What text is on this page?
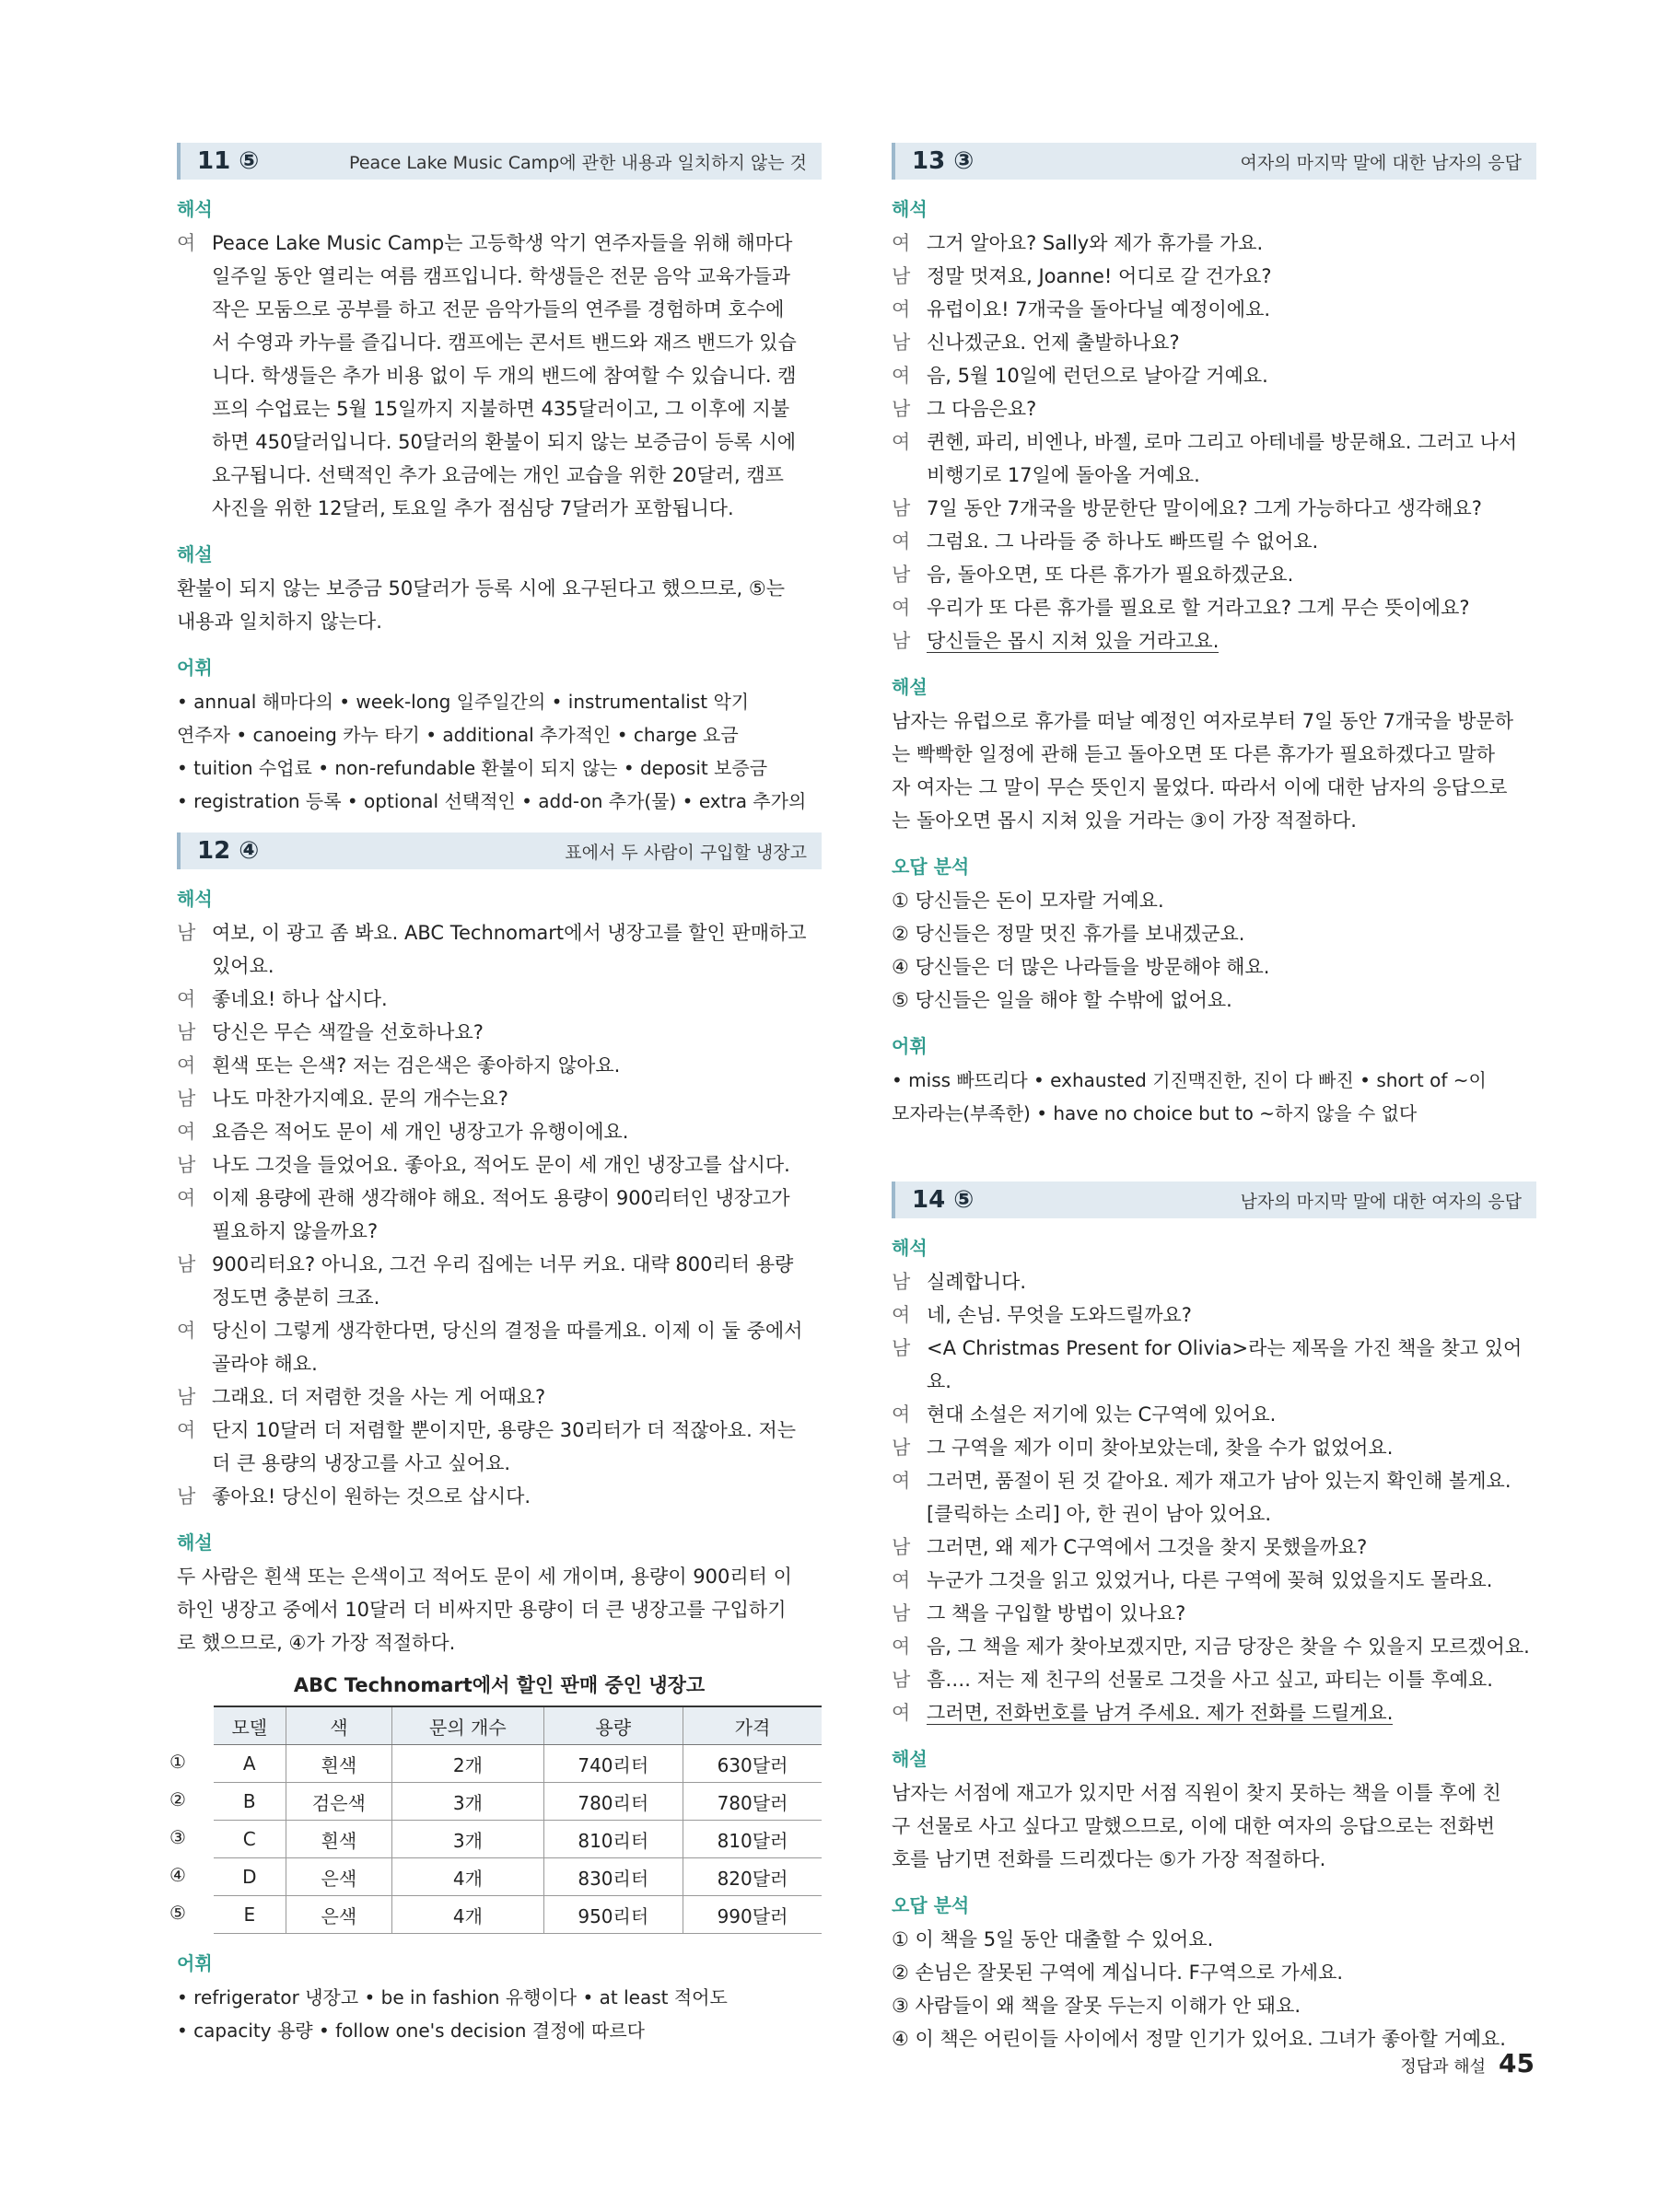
11 ⑤	Peace Lake Music Camp에 관한 내용과 일치하지 않는 것
해석
여 Peace Lake Music Camp는 고등학생 악기 연주자들을 위해 해마다
일주일 동안 열리는 여름 캠프입니다. 학생들은 전문 음악 교육가들과
작은 모둠으로 공부를 하고 전문 음악가들의 연주를 경험하며 호수에
서 수영과 카누를 즐깁니다. 캠프에는 콘서트 밴드와 재즈 밴드가 있습
니다. 학생들은 추가 비용 없이 두 개의 밴드에 참여할 수 있습니다. 캠
프의 수업료는 5월 15일까지 지불하면 435달러이고, 그 이후에 지불
하면 450달러입니다. 50달러의 환불이 되지 않는 보증금이 등록 시에
요구됩니다. 선택적인 추가 요금에는 개인 교습을 위한 20달러, 캠프
사진을 위한 12달러, 토요일 추가 점심당 7달러가 포함됩니다.
해설
환불이 되지 않는 보증금 50달러가 등록 시에 요구된다고 했으므로, ⑤는
내용과 일치하지 않는다.
어휘
• annual 해마다의 • week-long 일주일간의 • instrumentalist 악기
연주자 • canoeing 카누 타기 • additional 추가적인 • charge 요금
• tuition 수업료 • non-refundable 환불이 되지 않는 • deposit 보증금
• registration 등록 • optional 선택적인 • add-on 추가(물) • extra 추가의
12 ④	표에서 두 사람이 구입할 냉장고
해석
남 여보, 이 광고 좀 봐요. ABC Technomart에서 냉장고를 할인 판매하고
있어요.
여 좋네요! 하나 삽시다.
남 당신은 무슨 색깔을 선호하나요?
여 흰색 또는 은색? 저는 검은색은 좋아하지 않아요.
남 나도 마찬가지예요. 문의 개수는요?
여 요즘은 적어도 문이 세 개인 냉장고가 유행이에요.
남 나도 그것을 들었어요. 좋아요, 적어도 문이 세 개인 냉장고를 삽시다.
여 이제 용량에 관해 생각해야 해요. 적어도 용량이 900리터인 냉장고가
필요하지 않을까요?
남 900리터요? 아니요, 그건 우리 집에는 너무 커요. 대략 800리터 용량
정도면 충분히 크죠.
여 당신이 그렇게 생각한다면, 당신의 결정을 따를게요. 이제 이 둘 중에서
골라야 해요.
남 그래요. 더 저렴한 것을 사는 게 어때요?
여 단지 10달러 더 저렴할 뿐이지만, 용량은 30리터가 더 적잖아요. 저는
더 큰 용량의 냉장고를 사고 싶어요.
남 좋아요! 당신이 원하는 것으로 삽시다.
해설
두 사람은 흰색 또는 은색이고 적어도 문이 세 개이며, 용량이 900리터 이
하인 냉장고 중에서 10달러 더 비싸지만 용량이 더 큰 냉장고를 구입하기
로 했으므로, ④가 가장 적절하다.
ABC Technomart에서 할인 판매 중인 냉장고
모델	색	문의 개수	용량	가격

① A	흰색	2개	740리터	630달러

② B	검은색	3개	780리터	780달러

③ C	흰색	3개	810리터	810달러

④ D	은색	4개	830리터	820달러

⑤ E	은색	4개	950리터	990달러
어휘
• refrigerator 냉장고 • be in fashion 유행이다 • at least 적어도
• capacity 용량 • follow one's decision 결정에 따르다
13 ③	여자의 마지막 말에 대한 남자의 응답
해석
여 그거 알아요? Sally와 제가 휴가를 가요.
남 정말 멋져요, Joanne! 어디로 갈 건가요?
여 유럽이요! 7개국을 돌아다닐 예정이에요.
남 신나겠군요. 언제 출발하나요?
여 음, 5월 10일에 런던으로 날아갈 거예요.
남 그 다음은요?
여 퀸헨, 파리, 비엔나, 바젤, 로마 그리고 아테네를 방문해요. 그러고 나서
비행기로 17일에 돌아올 거예요.
남 7일 동안 7개국을 방문한단 말이에요? 그게 가능하다고 생각해요?
여 그럼요. 그 나라들 중 하나도 빠뜨릴 수 없어요.
남 음, 돌아오면, 또 다른 휴가가 필요하겠군요.
여 우리가 또 다른 휴가를 필요로 할 거라고요? 그게 무슨 뜻이에요?
남 당신들은 몹시 지쳐 있을 거라고요.
해설
남자는 유럽으로 휴가를 떠날 예정인 여자로부터 7일 동안 7개국을 방문하
는 빡빡한 일정에 관해 듣고 돌아오면 또 다른 휴가가 필요하겠다고 말하
자 여자는 그 말이 무슨 뜻인지 물었다. 따라서 이에 대한 남자의 응답으로
는 돌아오면 몹시 지쳐 있을 거라는 ③이 가장 적절하다.
오답 분석
① 당신들은 돈이 모자랄 거예요.
② 당신들은 정말 멋진 휴가를 보내겠군요.
④ 당신들은 더 많은 나라들을 방문해야 해요.
⑤ 당신들은 일을 해야 할 수밖에 없어요.
어휘
• miss 빠뜨리다 • exhausted 기진맥진한, 진이 다 빠진 • short of ~이
모자라는(부족한) • have no choice but to ~하지 않을 수 없다
14 ⑤	남자의 마지막 말에 대한 여자의 응답
해석
남 실례합니다.
여 네, 손님. 무엇을 도와드릴까요?
남 <A Christmas Present for Olivia>라는 제목을 가진 책을 찾고 있어요.
여 현대 소설은 저기에 있는 C구역에 있어요.
남 그 구역을 제가 이미 찾아보았는데, 찾을 수가 없었어요.
여 그러면, 품절이 된 것 같아요. 제가 재고가 남아 있는지 확인해 볼게요.
[클릭하는 소리] 아, 한 권이 남아 있어요.
남 그러면, 왜 제가 C구역에서 그것을 찾지 못했을까요?
여 누군가 그것을 읽고 있었거나, 다른 구역에 꽂혀 있었을지도 몰라요.
남 그 책을 구입할 방법이 있나요?
여 음, 그 책을 제가 찾아보겠지만, 지금 당장은 찾을 수 있을지 모르겠어요.
남 흠…. 저는 제 친구의 선물로 그것을 사고 싶고, 파티는 이틀 후예요.
여 그러면, 전화번호를 남겨 주세요. 제가 전화를 드릴게요.
해설
남자는 서점에 재고가 있지만 서점 직원이 찾지 못하는 책을 이틀 후에 친
구 선물로 사고 싶다고 말했으므로, 이에 대한 여자의 응답으로는 전화번
호를 남기면 전화를 드리겠다는 ⑤가 가장 적절하다.
오답 분석
① 이 책을 5일 동안 대출할 수 있어요.
② 손님은 잘못된 구역에 계십니다. F구역으로 가세요.
③ 사람들이 왜 책을 잘못 두는지 이해가 안 돼요.
④ 이 책은 어린이들 사이에서 정말 인기가 있어요. 그녀가 좋아할 거예요.
정답과 해설 45
